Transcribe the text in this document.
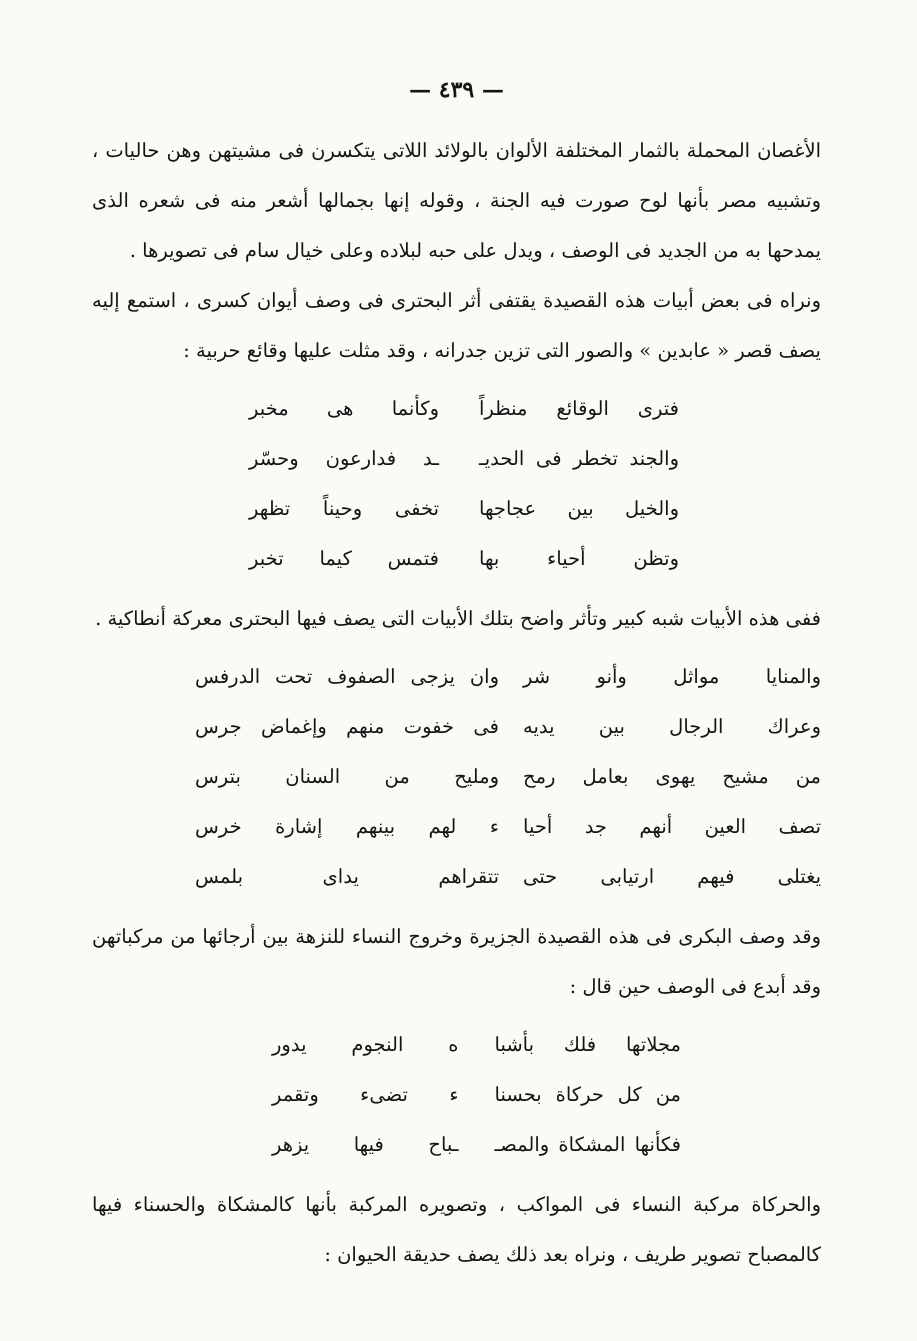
— ٤٣٩ —

الأغصان المحملة بالثمار المختلفة الألوان بالولائد اللاتى يتكسرن فى مشيتهن وهن حاليات ، وتشبيه مصر بأنها لوح صورت فيه الجنة ، وقوله إنها بجمالها أشعر منه فى شعره الذى يمدحها به من الجديد فى الوصف ، ويدل على حبه لبلاده وعلى خيال سام فى تصويرها .

ونراه فى بعض أبيات هذه القصيدة يقتفى أثر البحترى فى وصف أيوان كسرى ، استمع إليه يصف قصر « عابدين » والصور التى تزين جدرانه ، وقد مثلت عليها وقائع حربية :

فترى الوقائع منظراً
وكأنما هى مخبر
والجند تخطر فى الحديـ
ـد فدارعون وحسّر
والخيل بين عجاجها
تخفى وحيناً تظهر
وتظن أحياء بها
فتمس كيما تخبر

ففى هذه الأبيات شبه كبير وتأثر واضح بتلك الأبيات التى يصف فيها البحترى معركة أنطاكية .

والمنايا مواثل وأنو شر
وان يزجى الصفوف تحت الدرفس
وعراك الرجال بين يديه
فى خفوت منهم وإغماض جرس
من مشيح يهوى بعامل رمح
ومليح من السنان بترس
تصف العين أنهم جد أحيا
ء لهم بينهم إشارة خرس
يغتلى فيهم ارتيابى حتى
تتقراهم يداى بلمس

وقد وصف البكرى فى هذه القصيدة الجزيرة وخروج النساء للنزهة بين أرجائها من مركباتهن وقد أبدع فى الوصف حين قال :

مجلاتها فلك بأشبا
ه النجوم يدور
من كل حركاة بحسنا
ء تضىء وتقمر
فكأنها المشكاة والمصـ
ـباح فيها يزهر

والحركاة مركبة النساء فى المواكب ، وتصويره المركبة بأنها كالمشكاة والحسناء فيها كالمصباح تصوير طريف ، ونراه بعد ذلك يصف حديقة الحيوان :
